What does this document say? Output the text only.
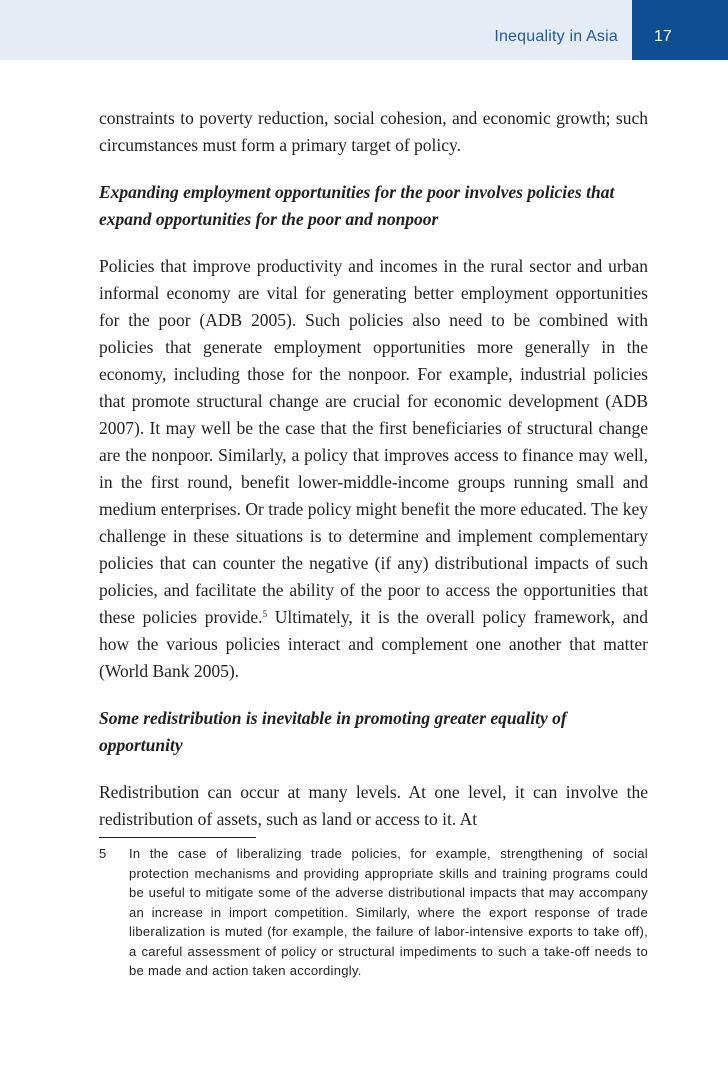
Inequality in Asia 17

constraints to poverty reduction, social cohesion, and economic growth; such circumstances must form a primary target of policy.

Expanding employment opportunities for the poor involves policies that expand opportunities for the poor and nonpoor

Policies that improve productivity and incomes in the rural sector and urban informal economy are vital for generating better employment opportunities for the poor (ADB 2005). Such policies also need to be combined with policies that generate employment opportunities more generally in the economy, including those for the nonpoor. For example, industrial policies that promote structural change are crucial for economic development (ADB 2007). It may well be the case that the first beneficiaries of structural change are the nonpoor. Similarly, a policy that improves access to finance may well, in the first round, benefit lower-middle-income groups running small and medium enterprises. Or trade policy might benefit the more educated. The key challenge in these situations is to determine and implement complementary policies that can counter the negative (if any) distributional impacts of such policies, and facilitate the ability of the poor to access the opportunities that these policies provide.$^5$ Ultimately, it is the overall policy framework, and how the various policies interact and complement one another that matter (World Bank 2005).

Some redistribution is inevitable in promoting greater equality of opportunity

Redistribution can occur at many levels. At one level, it can involve the redistribution of assets, such as land or access to it. At

5 In the case of liberalizing trade policies, for example, strengthening of social protection mechanisms and providing appropriate skills and training programs could be useful to mitigate some of the adverse distributional impacts that may accompany an increase in import competition. Similarly, where the export response of trade liberalization is muted (for example, the failure of labor-intensive exports to take off), a careful assessment of policy or structural impediments to such a take-off needs to be made and action taken accordingly.
